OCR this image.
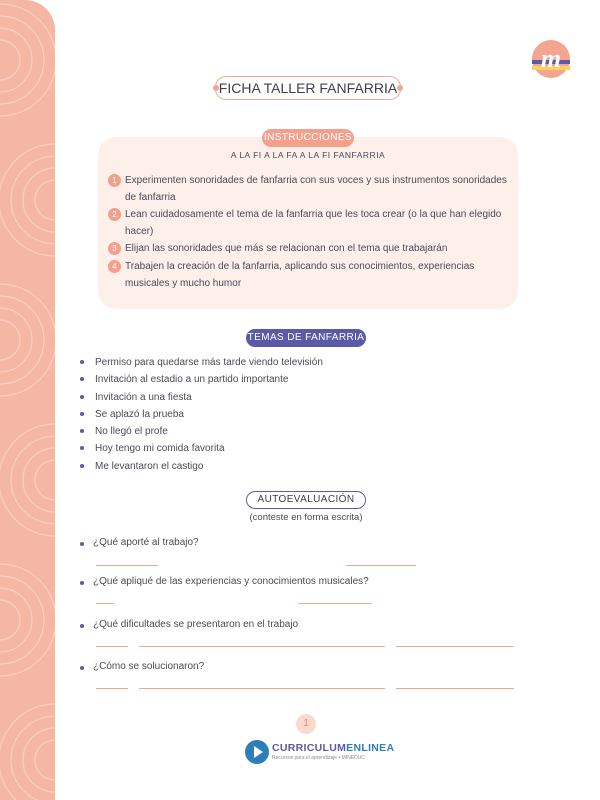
m
FICHA TALLER FANFARRIA
INSTRUCCIONES
A LA FI A LA FA A LA FI FANFARRIA
1 Experimenten sonoridades de fanfarria con sus voces y sus instrumentos sonoridades de fanfarria
2 Lean cuidadosamente el tema de la fanfarria que les toca crear (o la que han elegido hacer)
3 Elijan las sonoridades que más se relacionan con el tema que trabajarán
4 Trabajen la creación de la fanfarria, aplicando sus conocimientos, experiencias musicales y mucho humor
TEMAS DE FANFARRIA
Permiso para quedarse más tarde viendo televisión
Invitación al estadio a un partido importante
Invitación a una fiesta
Se aplazó la prueba
No llegó el profe
Hoy tengo mi comida favorita
Me levantaron el castigo
AUTOEVALUACIÓN
(conteste en forma escrita)
¿Qué aporté al trabajo?
¿Qué apliqué de las experiencias y conocimientos musicales?
¿Qué dificultades se presentaron en el trabajo
¿Cómo se solucionaron?
1
CURRICULUMENLINEA
Recursos para el aprendizaje • MINEDUC
